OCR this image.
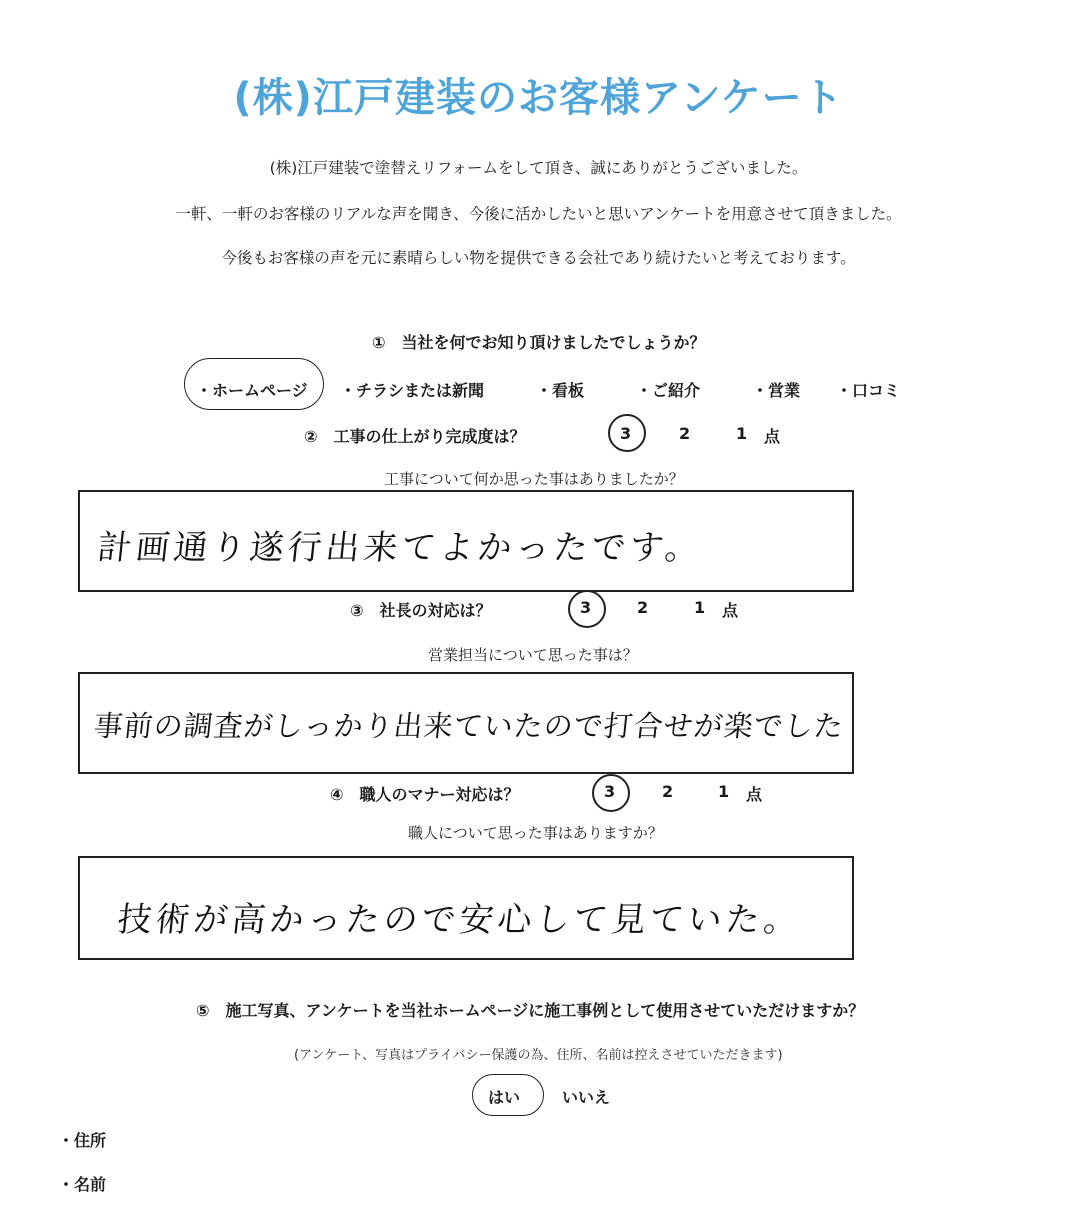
(株)江戸建装のお客様アンケート
(株)江戸建装で塗替えリフォームをして頂き、誠にありがとうございました。
一軒、一軒のお客様のリアルな声を聞き、今後に活かしたいと思いアンケートを用意させて頂きました。
今後もお客様の声を元に素晴らしい物を提供できる会社であり続けたいと考えております。
①　当社を何でお知り頂けましたでしょうか？
・ホームページ ・チラシまたは新聞	・看板	・ご紹介	・営業 ・口コミ
②　工事の仕上がり完成度は？	3	2	1 点
工事について何か思った事はありましたか？
計画通り遂行出来てよかったです。
③　社長の対応は？	3	2	1 点
営業担当について思った事は？
事前の調査がしっかり出来ていたので打合せが楽でした
④　職人のマナー対応は？	3	2	1 点
職人について思った事はありますか？
技術が高かったので安心して見ていた。
⑤　施工写真、アンケートを当社ホームページに施工事例として使用させていただけますか？
(アンケート、写真はプライバシー保護の為、住所、名前は控えさせていただきます)
はい	いいえ
・住所
・名前
